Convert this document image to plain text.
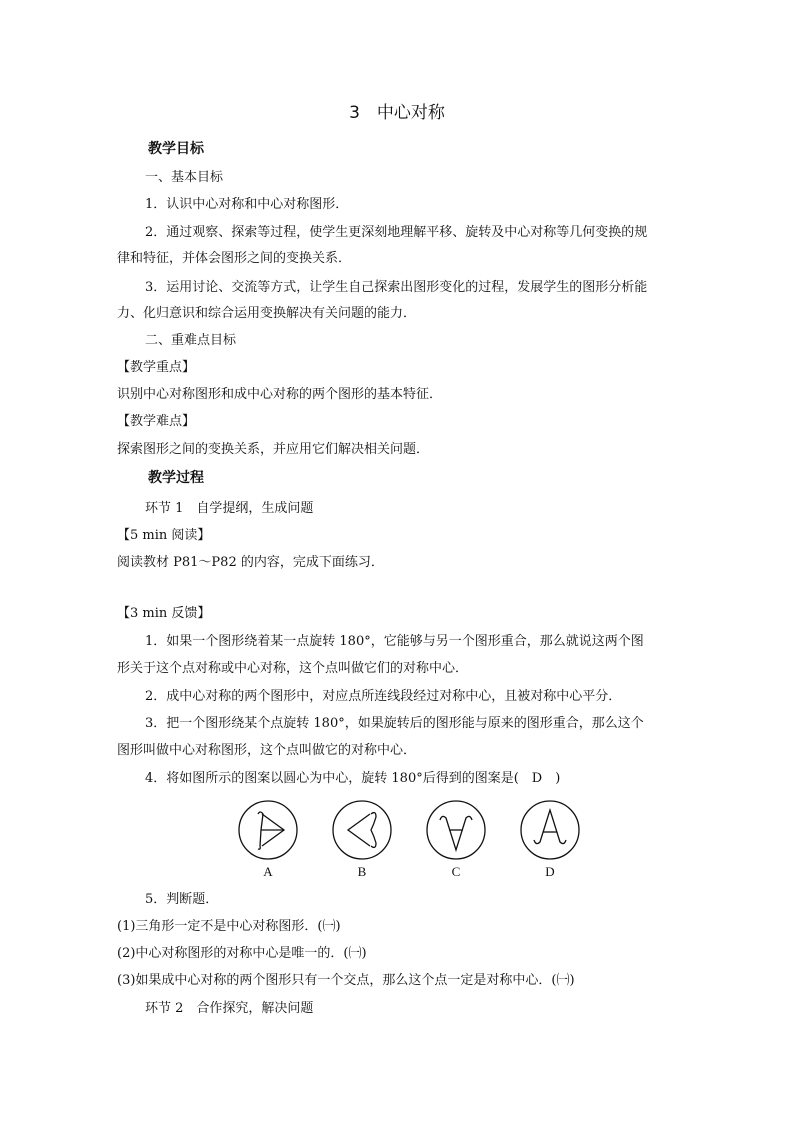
3　中心对称
教学目标
一、基本目标
1．认识中心对称和中心对称图形．
2．通过观察、探索等过程，使学生更深刻地理解平移、旋转及中心对称等几何变换的规
律和特征，并体会图形之间的变换关系．
3．运用讨论、交流等方式，让学生自己探索出图形变化的过程，发展学生的图形分析能
力、化归意识和综合运用变换解决有关问题的能力．
二、重难点目标
【教学重点】
识别中心对称图形和成中心对称的两个图形的基本特征．
【教学难点】
探索图形之间的变换关系，并应用它们解决相关问题．
教学过程
环节 1　自学提纲，生成问题
【5 min 阅读】
阅读教材 P81～P82 的内容，完成下面练习．
【3 min 反馈】
1．如果一个图形绕着某一点旋转 180°，它能够与另一个图形重合，那么就说这两个图
形关于这个点对称或中心对称，这个点叫做它们的对称中心．
2．成中心对称的两个图形中，对应点所连线段经过对称中心，且被对称中心平分．
3．把一个图形绕某个点旋转 180°，如果旋转后的图形能与原来的图形重合，那么这个
图形叫做中心对称图形，这个点叫做它的对称中心．
4．将如图所示的图案以圆心为中心，旋转 180°后得到的图案是(　D　)
A	B	C	D
5．判断题．
(1)三角形一定不是中心对称图形．(㈠)
(2)中心对称图形的对称中心是唯一的．(㈠)
(3)如果成中心对称的两个图形只有一个交点，那么这个点一定是对称中心．(㈠)
环节 2　合作探究，解决问题
